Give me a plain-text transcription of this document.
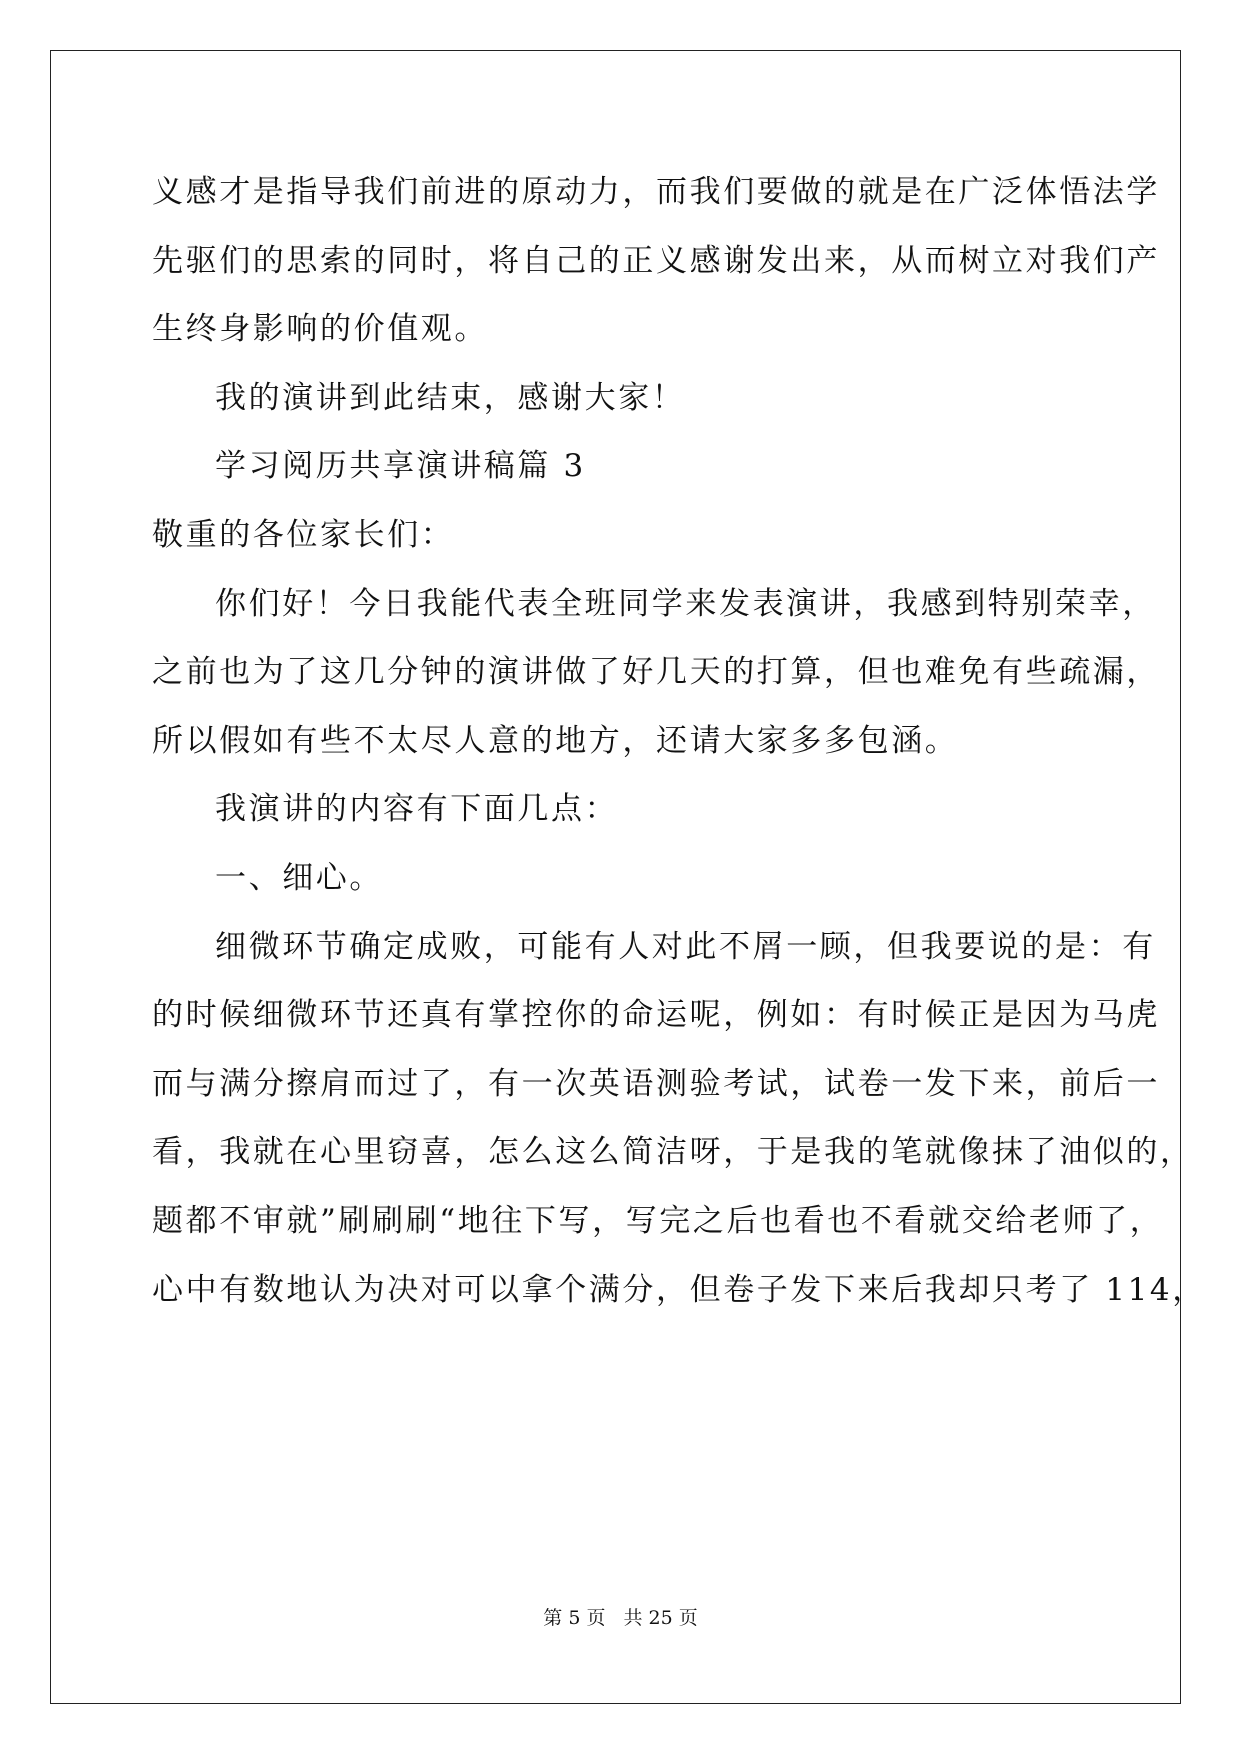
义感才是指导我们前进的原动力，而我们要做的就是在广泛体悟法学
先驱们的思索的同时，将自己的正义感谢发出来，从而树立对我们产
生终身影响的价值观。
我的演讲到此结束，感谢大家！
学习阅历共享演讲稿篇 3
敬重的各位家长们：
你们好！今日我能代表全班同学来发表演讲，我感到特别荣幸，
之前也为了这几分钟的演讲做了好几天的打算，但也难免有些疏漏，
所以假如有些不太尽人意的地方，还请大家多多包涵。
我演讲的内容有下面几点：
一、细心。
细微环节确定成败，可能有人对此不屑一顾，但我要说的是：有
的时候细微环节还真有掌控你的命运呢，例如：有时候正是因为马虎
而与满分擦肩而过了，有一次英语测验考试，试卷一发下来，前后一
看，我就在心里窃喜，怎么这么简洁呀，于是我的笔就像抹了油似的，
题都不审就”刷刷刷“地往下写，写完之后也看也不看就交给老师了，
心中有数地认为决对可以拿个满分，但卷子发下来后我却只考了 114，
第 5 页 共 25 页
